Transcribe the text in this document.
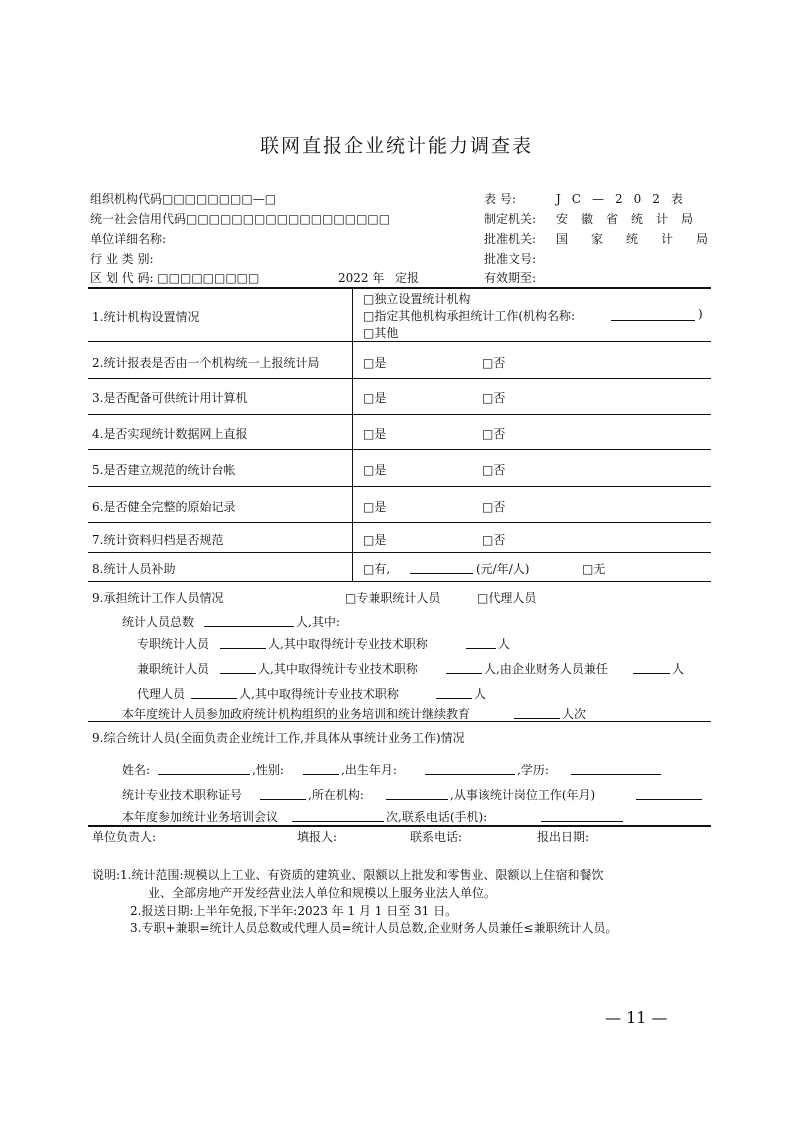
联网直报企业统计能力调查表
组织机构代码□□□□□□□□—□
统一社会信用代码□□□□□□□□□□□□□□□□□□
单位详细名称:
行 业 类 别:
区 划 代 码: □□□□□□□□□	2022 年 定报
表 号:	JC—202表
制定机关: 安徽省统计局
批准机关: 国家统计局
批准文号:
有效期至:
1.统计机构设置情况
□独立设置统计机构
□指定其他机构承担统计工作(机构名称:	)
□其他
2.统计报表是否由一个机构统一上报统计局	□是	□否
3.是否配备可供统计用计算机	□是	□否
4.是否实现统计数据网上直报	□是	□否
5.是否建立规范的统计台帐	□是	□否
6.是否健全完整的原始记录	□是	□否
7.统计资料归档是否规范	□是	□否
8.统计人员补助	□有,	(元/年/人)	□无
9.承担统计工作人员情况	□专兼职统计人员	□代理人员
统计人员总数	人,其中:
专职统计人员	人,其中取得统计专业技术职称	人
兼职统计人员	人,其中取得统计专业技术职称	人,由企业财务人员兼任	人
代理人员	人,其中取得统计专业技术职称	人
本年度统计人员参加政府统计机构组织的业务培训和统计继续教育	人次
9.综合统计人员(全面负责企业统计工作,并具体从事统计业务工作)情况
姓名:	,性别:	,出生年月:	,学历:
统计专业技术职称证号	,所在机构:	,从事该统计岗位工作(年月)
本年度参加统计业务培训会议	次,联系电话(手机):
单位负责人:	填报人:	联系电话:	报出日期:
说明:1.统计范围:规模以上工业、有资质的建筑业、限额以上批发和零售业、限额以上住宿和餐饮
业、全部房地产开发经营业法人单位和规模以上服务业法人单位。
2.报送日期:上半年免报,下半年:2023 年 1 月 1 日至 31 日。
3.专职+兼职=统计人员总数或代理人员=统计人员总数,企业财务人员兼任≤兼职统计人员。
— 11 —
